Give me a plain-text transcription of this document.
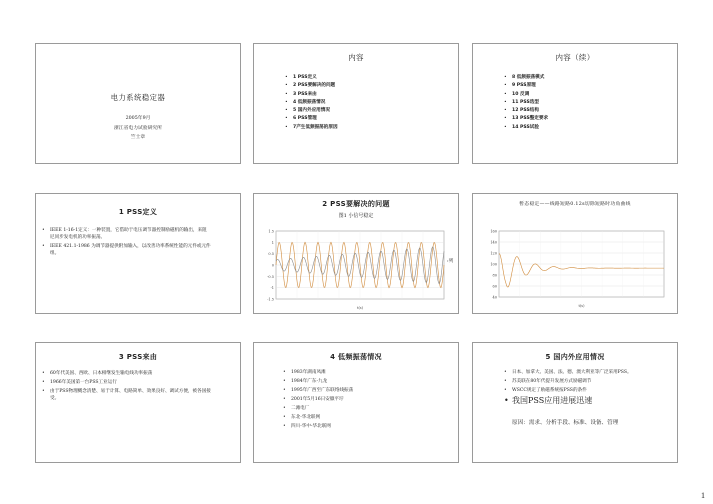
电力系统稳定器
2005年9月
浙江省电力试验研究所
竺士章
内容
• 1 PSS定义
• 2 PSS要解决的问题
• 3 PSS来由
• 4 低频振荡情况
• 5 国内外应用情况
• 6 PSS管理
• 7产生低频振荡的原因
内容（续）
• 8 低频振荡模式
• 9 PSS原理
• 10 反调
• 11 PSS选型
• 12 PSS结构
• 13 PSS整定要求
• 14 PSS试验
1 PSS定义
• IEEE 1-16-1定义：一种装置，它借助于电压调节器控制励磁机的输出，来阻尼同步发电机的功率振荡。
• IEEE 421.1-1986 为调节器提供附加输入，以改善功率系统性能的元件或元件组。
2 PSS要解决的问题
图1 小信号稳定
1.5
1
0.5
0
-0.5
-1
-1.5
t(s)
:列
暂态稳定——线路短路0.12s切除短路时功角曲线
160
140
120
100
80
60
40
t(s)
3 PSS来由
• 60年代美国、西欧、日本相继发生输电线功率振荡
• 1966年美国第一台PSS工业运行
• 由于PSS物理概念清楚、易于计算、电路简单、效果良好、调试方便，被各国接受。
4 低频振荡情况
• 1983年湖南凤滩
• 1984年广东-九龙
• 1995年广西至广东联络线振荡
• 2001年5月16日安徽平圩
• 二滩电厂
• 东北-华北联网
• 四川-华中-华北联网
5 国内外应用情况
• 日本、加拿大、美国、法、德、澳大利亚等广泛采用PSS。
• 苏美联在80年代提升发展方式励磁调节
• WSCC规定了励磁系统按PSS的条件
• 我国PSS应用进展迅速
原因：需求、分析手段、标准、设备、管理
1
